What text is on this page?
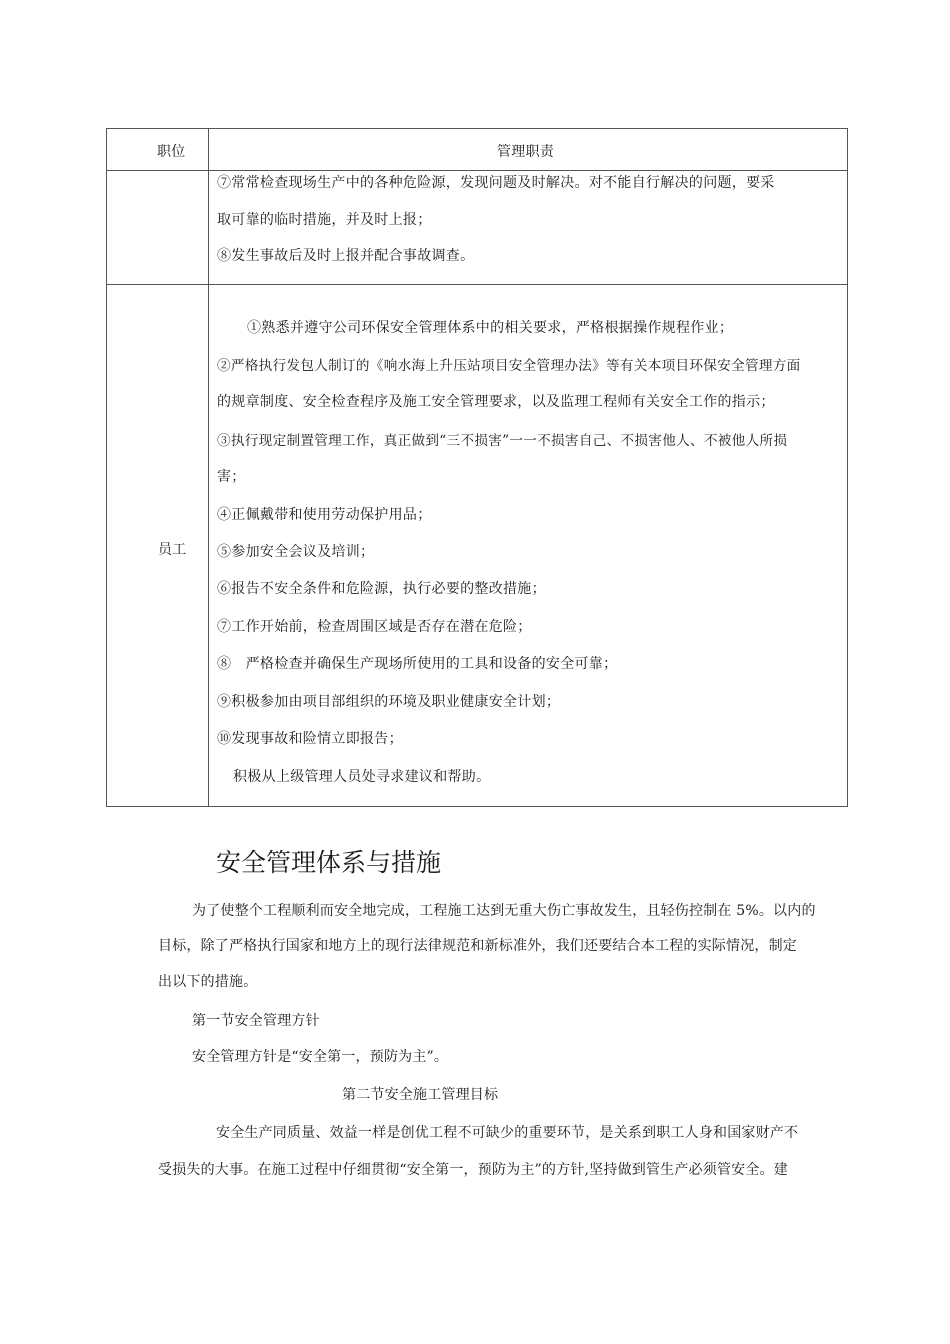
职位	管理职责
⑦常常检查现场生产中的各种危险源，发现问题及时解决。对不能自行解决的问题，要采
取可靠的临时措施，并及时上报；
⑧发生事故后及时上报并配合事故调查。
员工
①熟悉并遵守公司环保安全管理体系中的相关要求，严格根据操作规程作业；
②严格执行发包人制订的《响水海上升压站项目安全管理办法》等有关本项目环保安全管理方面
的规章制度、安全检查程序及施工安全管理要求，以及监理工程师有关安全工作的指示；
③执行现定制置管理工作，真正做到“三不损害”一一不损害自己、不损害他人、不被他人所损
害；
④正佩戴带和使用劳动保护用品；
⑤参加安全会议及培训；
⑥报告不安全条件和危险源，执行必要的整改措施；
⑦工作开始前，检查周围区域是否存在潜在危险；
⑧　严格检查并确保生产现场所使用的工具和设备的安全可靠；
⑨积极参加由项目部组织的环境及职业健康安全计划；
⑩发现事故和险情立即报告；
积极从上级管理人员处寻求建议和帮助。
安全管理体系与措施
为了使整个工程顺利而安全地完成，工程施工达到无重大伤亡事故发生，且轻伤控制在 5%。以内的
目标，除了严格执行国家和地方上的现行法律规范和新标准外，我们还要结合本工程的实际情况，制定
出以下的措施。
第一节安全管理方针
安全管理方针是“安全第一，预防为主”。
第二节安全施工管理目标
安全生产同质量、效益一样是创优工程不可缺少的重要环节，是关系到职工人身和国家财产不
受损失的大事。在施工过程中仔细贯彻“安全第一，预防为主”的方针,坚持做到管生产必须管安全。建
